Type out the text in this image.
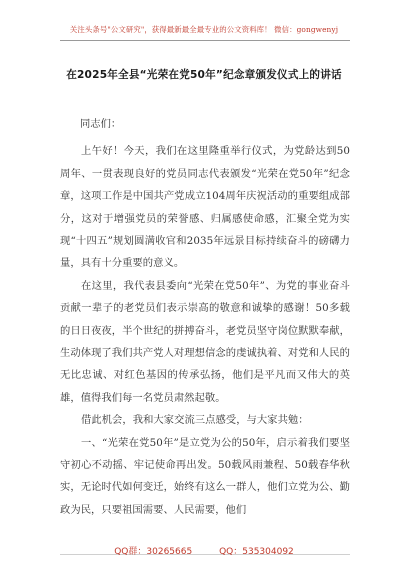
关注头条号"公文研究"，获得最新最全最专业的公文资料库！ 微信：gongwenyj
在2025年全县“光荣在党50年”纪念章颁发仪式上的讲话

同志们：

上午好！今天，我们在这里隆重举行仪式，为党龄达到50周年、一贯表现良好的党员同志代表颁发“光荣在党50年”纪念章，这项工作是中国共产党成立104周年庆祝活动的重要组成部分，这对于增强党员的荣誉感、归属感使命感，汇聚全党为实现“十四五”规划圆满收官和2035年远景目标持续奋斗的磅礴力量，具有十分重要的意义。

在这里，我代表县委向“光荣在党50年”、为党的事业奋斗贡献一辈子的老党员们表示崇高的敬意和诚挚的感谢！50多载的日日夜夜，半个世纪的拼搏奋斗，老党员坚守岗位默默奉献，生动体现了我们共产党人对理想信念的虔诚执着、对党和人民的无比忠诚、对红色基因的传承弘扬，他们是平凡而又伟大的英雄，值得我们每一名党员肃然起敬。

借此机会，我和大家交流三点感受，与大家共勉：

一、“光荣在党50年”是立党为公的50年，启示着我们要坚守初心不动摇、牢记使命再出发。50载风雨兼程、50载春华秋实，无论时代如何变迁，始终有这么一群人，他们立党为公、勤政为民，只要祖国需要、人民需要，他们

QQ群：30265665	QQ：535304092
